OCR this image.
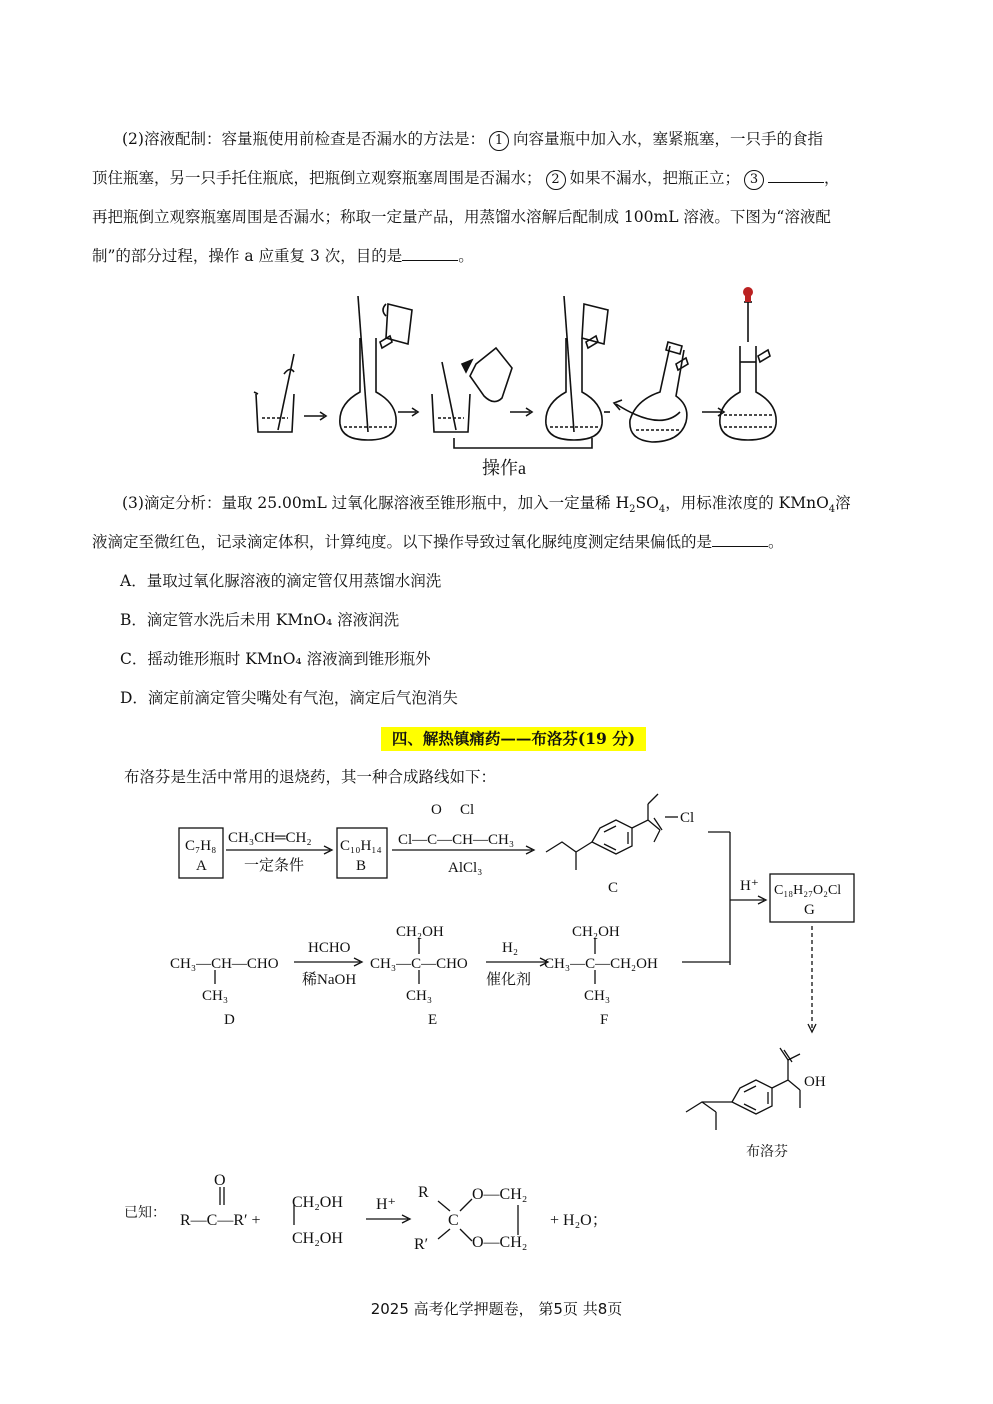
(2)溶液配制：容量瓶使用前检查是否漏水的方法是： 1 向容量瓶中加入水，塞紧瓶塞，一只手的食指
顶住瓶塞，另一只手托住瓶底，把瓶倒立观察瓶塞周围是否漏水； 2 如果不漏水，把瓶正立； 3	，
再把瓶倒立观察瓶塞周围是否漏水；称取一定量产品，用蒸馏水溶解后配制成 100mL 溶液。下图为“溶液配
制”的部分过程，操作 a 应重复 3 次，目的是	。
操作a
(3)滴定分析：量取 25.00mL 过氧化脲溶液至锥形瓶中，加入一定量稀 $H_2SO_4$，用标准浓度的 KMnO$_4$溶
液滴定至微红色，记录滴定体积，计算纯度。以下操作导致过氧化脲纯度测定结果偏低的是	。
A．量取过氧化脲溶液的滴定管仅用蒸馏水润洗
B．滴定管水洗后未用 KMnO₄ 溶液润洗
C．摇动锥形瓶时 KMnO₄ 溶液滴到锥形瓶外
D．滴定前滴定管尖嘴处有气泡，滴定后气泡消失
四、解热镇痛药——布洛芬(19 分)
布洛芬是生活中常用的退烧药，其一种合成路线如下：
C₇H₈
A
CH₃CH═CH₂
一定条件
C₁₀H₁₄
B
O Cl
Cl—C—CH—CH₃
AlCl₃
Cl
C	H⁺ C₁₈H₂₇O₂Cl
G
CH₃—CH—CHO
CH₃
D
HCHO
稀NaOH
CH₂OH
CH₃—C—CHO
CH₃
E
H₂
催化剂
CH₂OH
CH₃—C—CH₂OH
CH₃
F
OH
布洛芬
已知：
O
R—C—R′ +
CH₂OH
CH₂OH
H⁺
R
R′
C
O—CH₂
O—CH₂
+ H₂O；
2025 高考化学押题卷， 第5页 共8页
